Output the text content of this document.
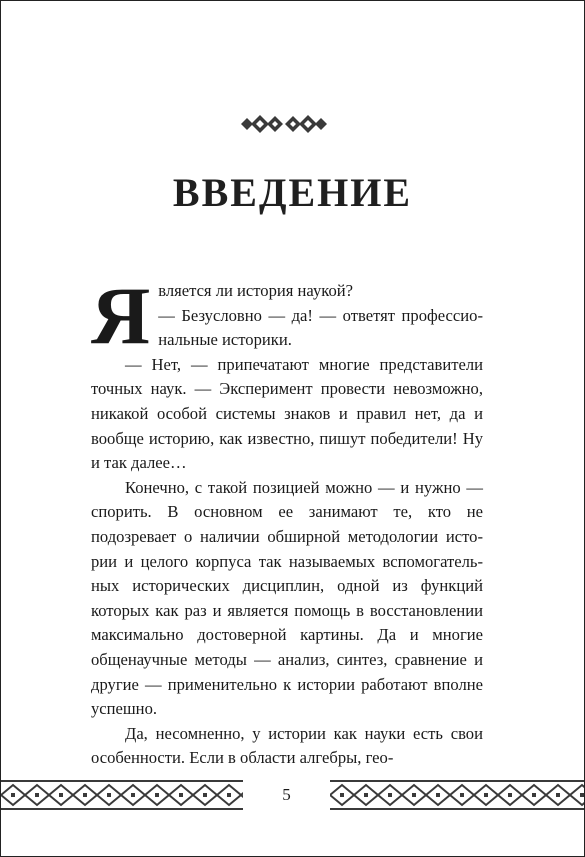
ВВЕДЕНИЕ

Я вляется ли история наукой?

— Безусловно — да! — ответят профессиональные историки.

— Нет, — припечатают многие представители точных наук. — Эксперимент провести невозможно, никакой особой системы знаков и правил нет, да и вообще историю, как известно, пишут победители! Ну и так далее…

Конечно, с такой позицией можно — и нужно — спорить. В основном ее занимают те, кто не подозревает о наличии обширной методологии истории и целого корпуса так называемых вспомогательных исторических дисциплин, одной из функций которых как раз и является помощь в восстановлении максимально достоверной картины. Да и многие общенаучные методы — анализ, синтез, сравнение и другие — применительно к истории работают вполне успешно.

Да, несомненно, у истории как науки есть свои особенности. Если в области алгебры, гео-

5
